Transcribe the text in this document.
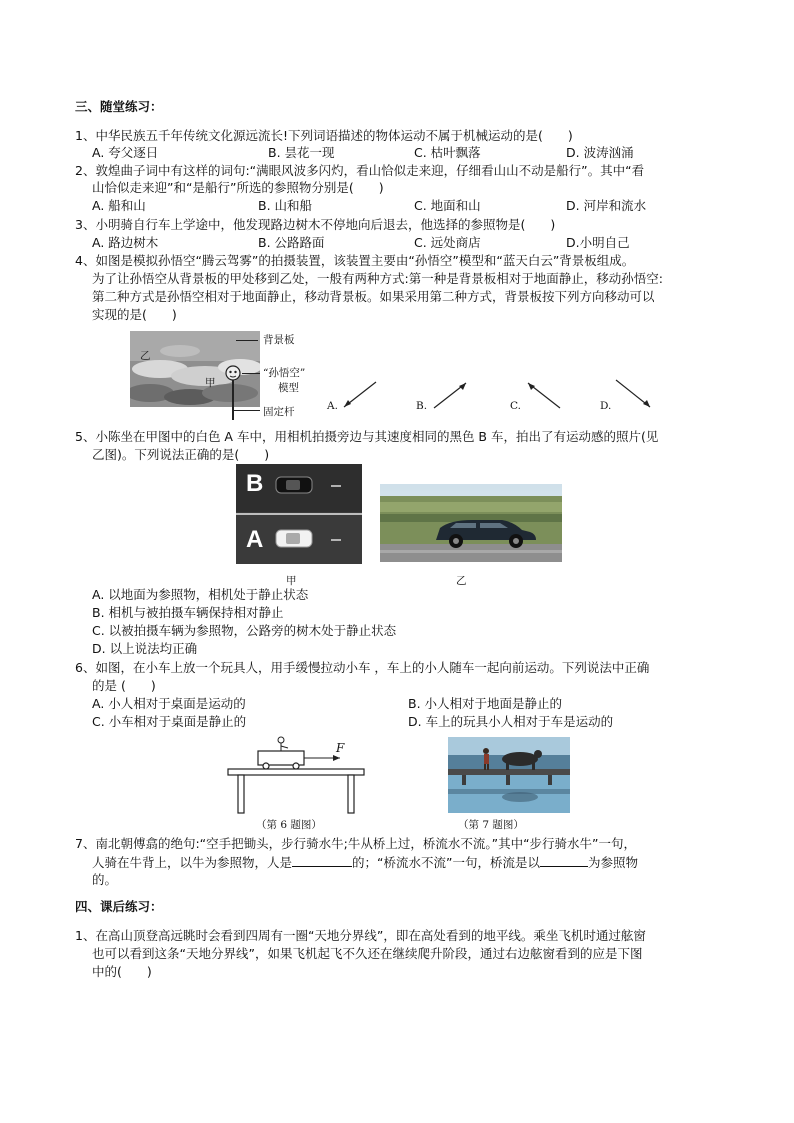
三、随堂练习：
1、中华民族五千年传统文化源远流长!下列词语描述的物体运动不属于机械运动的是(　　)
A. 夸父逐日	B. 昙花一现	C. 枯叶飘落	D. 波涛汹涌
2、敦煌曲子词中有这样的词句:“满眼风波多闪灼，看山恰似走来迎，仔细看山山不动是船行”。其中“看
山恰似走来迎”和“是船行”所选的参照物分别是(　　)
A. 船和山	B. 山和船	C. 地面和山	D. 河岸和流水
3、小明骑自行车上学途中，他发现路边树木不停地向后退去，他选择的参照物是(　　)
A. 路边树木	B. 公路路面	C. 远处商店	D.小明自己
4、如图是模拟孙悟空“腾云驾雾”的拍摄装置，该装置主要由“孙悟空”模型和“蓝天白云”背景板组成。
为了让孙悟空从背景板的甲处移到乙处，一般有两种方式:第一种是背景板相对于地面静止，移动孙悟空:
第二种方式是孙悟空相对于地面静止，移动背景板。如果采用第二种方式，背景板按下列方向移动可以
实现的是(　　)
乙
甲
背景板
“孙悟空”
模型
固定杆	A.	B.	C.	D.
5、小陈坐在甲图中的白色 A 车中，用相机拍摄旁边与其速度相同的黑色 B 车，拍出了有运动感的照片(见
乙图)。下列说法正确的是(　　)
B
A
甲	乙
A. 以地面为参照物，相机处于静止状态
B. 相机与被拍摄车辆保持相对静止
C. 以被拍摄车辆为参照物，公路旁的树木处于静止状态
D. 以上说法均正确
6、如图，在小车上放一个玩具人，用手缓慢拉动小车 ，车上的小人随车一起向前运动。下列说法中正确
的是 (　　)
A. 小人相对于桌面是运动的	B. 小人相对于地面是静止的
C. 小车相对于桌面是静止的	D. 车上的玩具小人相对于车是运动的
F
（第 6 题图）	（第 7 题图）
7、南北朝傅翕的绝句:“空手把锄头，步行骑水牛;牛从桥上过，桥流水不流。”其中“步行骑水牛”一句，
人骑在牛背上，以牛为参照物，人是	的；“桥流水不流”一句，桥流是以	为参照物
的。
四、课后练习：
1、在高山顶登高远眺时会看到四周有一圈“天地分界线”，即在高处看到的地平线。乘坐飞机时通过舷窗
也可以看到这条“天地分界线”，如果飞机起飞不久还在继续爬升阶段，通过右边舷窗看到的应是下图
中的(　　)
